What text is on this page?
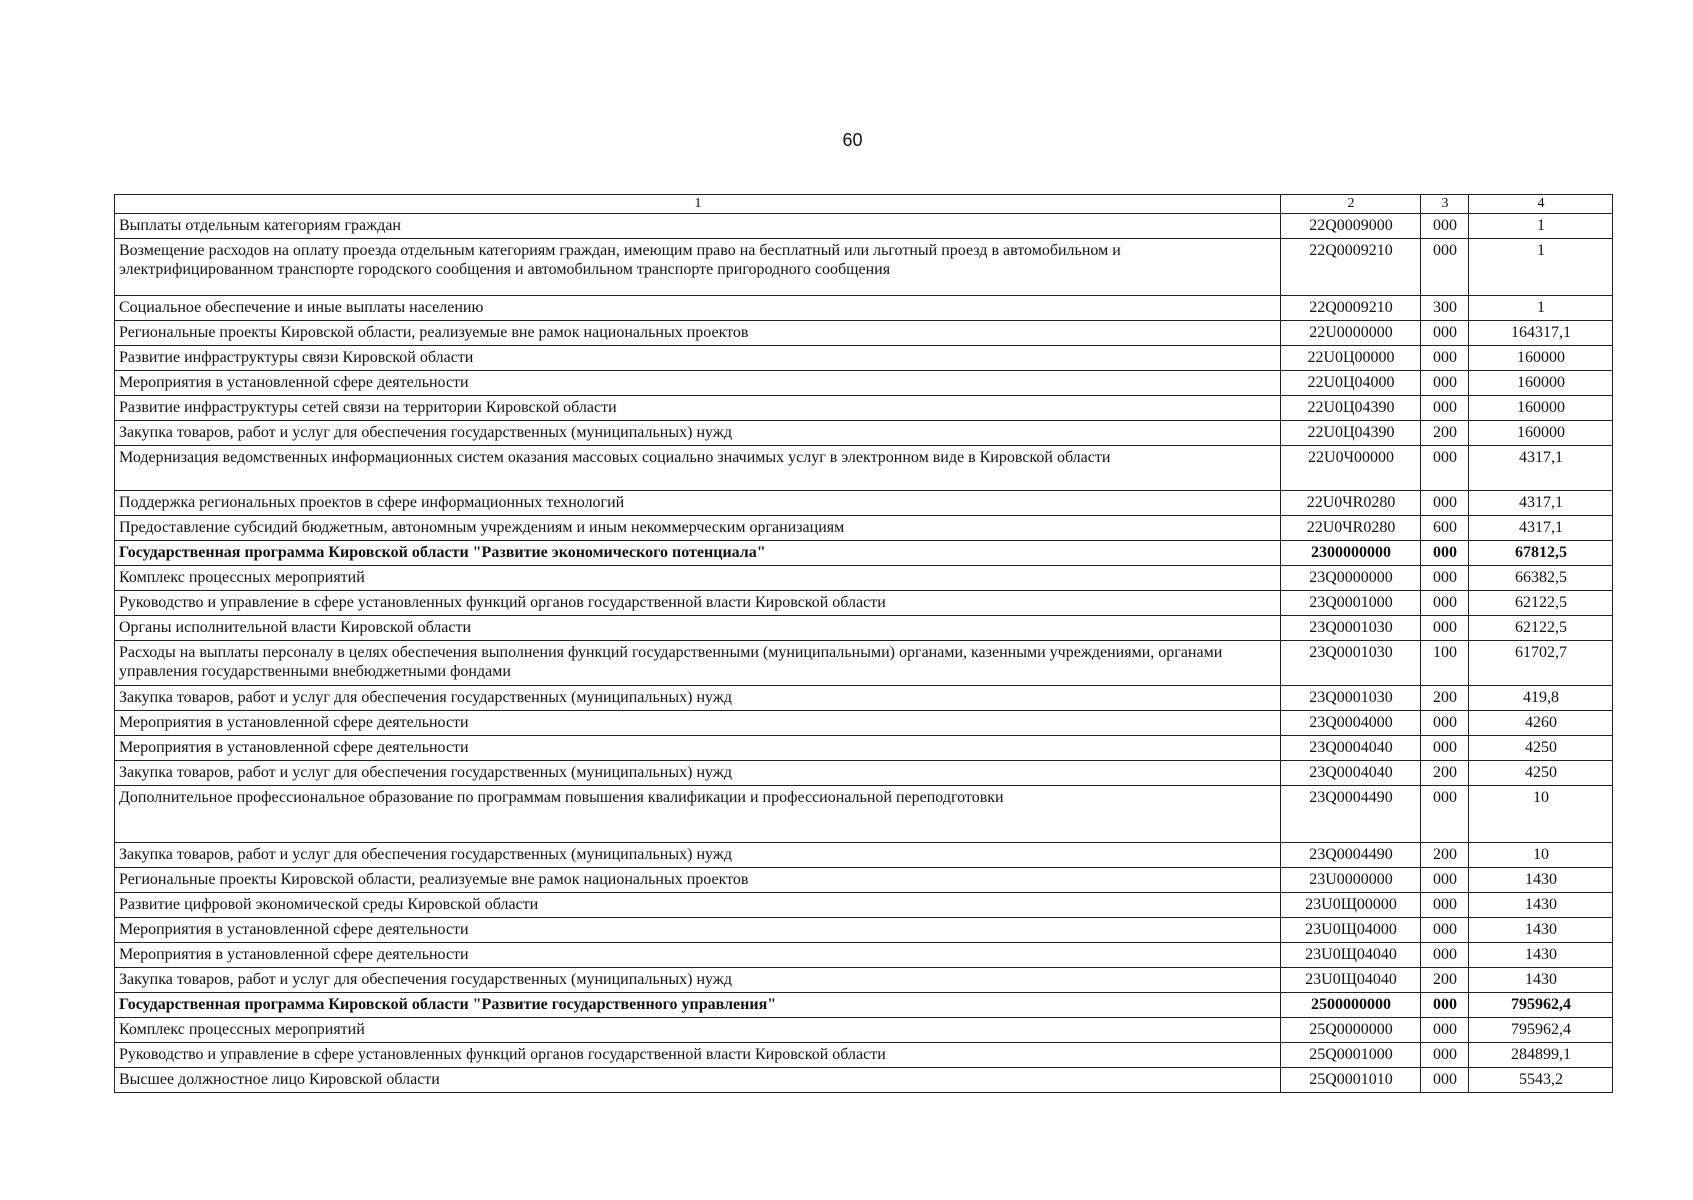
60
1	2	3	4
Выплаты отдельным категориям граждан	22Q0009000	000	1
Возмещение расходов на оплату проезда отдельным категориям граждан, имеющим право на бесплатный или льготный проезд в автомобильном и электрифицированном транспорте городского сообщения и автомобильном транспорте пригородного сообщения	22Q0009210	000	1
Социальное обеспечение и иные выплаты населению	22Q0009210	300	1
Региональные проекты Кировской области, реализуемые вне рамок национальных проектов	22U0000000	000	164317,1
Развитие инфраструктуры связи Кировской области	22U0Ц00000	000	160000
Мероприятия в установленной сфере деятельности	22U0Ц04000	000	160000
Развитие инфраструктуры сетей связи на территории Кировской области	22U0Ц04390	000	160000
Закупка товаров, работ и услуг для обеспечения государственных (муниципальных) нужд	22U0Ц04390	200	160000
Модернизация ведомственных информационных систем оказания массовых социально значимых услуг в электронном виде в Кировской области	22U0Ч00000	000	4317,1
Поддержка региональных проектов в сфере информационных технологий	22U0ЧR0280	000	4317,1
Предоставление субсидий бюджетным, автономным учреждениям и иным некоммерческим организациям	22U0ЧR0280	600	4317,1
Государственная программа Кировской области "Развитие экономического потенциала"	2300000000	000	67812,5
Комплекс процессных мероприятий	23Q0000000	000	66382,5
Руководство и управление в сфере установленных функций органов государственной власти Кировской области	23Q0001000	000	62122,5
Органы исполнительной власти Кировской области	23Q0001030	000	62122,5
Расходы на выплаты персоналу в целях обеспечения выполнения функций государственными (муниципальными) органами, казенными учреждениями, органами управления государственными внебюджетными фондами	23Q0001030	100	61702,7
Закупка товаров, работ и услуг для обеспечения государственных (муниципальных) нужд	23Q0001030	200	419,8
Мероприятия в установленной сфере деятельности	23Q0004000	000	4260
Мероприятия в установленной сфере деятельности	23Q0004040	000	4250
Закупка товаров, работ и услуг для обеспечения государственных (муниципальных) нужд	23Q0004040	200	4250
Дополнительное профессиональное образование по программам повышения квалификации и профессиональной переподготовки	23Q0004490	000	10
Закупка товаров, работ и услуг для обеспечения государственных (муниципальных) нужд	23Q0004490	200	10
Региональные проекты Кировской области, реализуемые вне рамок национальных проектов	23U0000000	000	1430
Развитие цифровой экономической среды Кировской области	23U0Щ00000	000	1430
Мероприятия в установленной сфере деятельности	23U0Щ04000	000	1430
Мероприятия в установленной сфере деятельности	23U0Щ04040	000	1430
Закупка товаров, работ и услуг для обеспечения государственных (муниципальных) нужд	23U0Щ04040	200	1430
Государственная программа Кировской области "Развитие государственного управления"	2500000000	000	795962,4
Комплекс процессных мероприятий	25Q0000000	000	795962,4
Руководство и управление в сфере установленных функций органов государственной власти Кировской области	25Q0001000	000	284899,1
Высшее должностное лицо Кировской области	25Q0001010	000	5543,2
